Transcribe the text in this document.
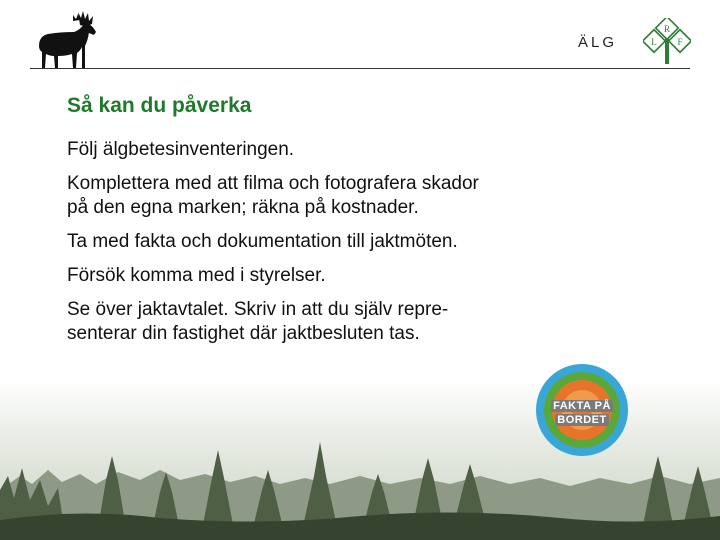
ÄLG
R
L F
Så kan du påverka

Följ älgbetesinventeringen.

Komplettera med att filma och fotografera skador
på den egna marken; räkna på kostnader.

Ta med fakta och dokumentation till jaktmöten.

Försök komma med i styrelser.

Se över jaktavtalet. Skriv in att du själv repre-
senterar din fastighet där jaktbesluten tas.

FAKTA PÅ
BORDET
